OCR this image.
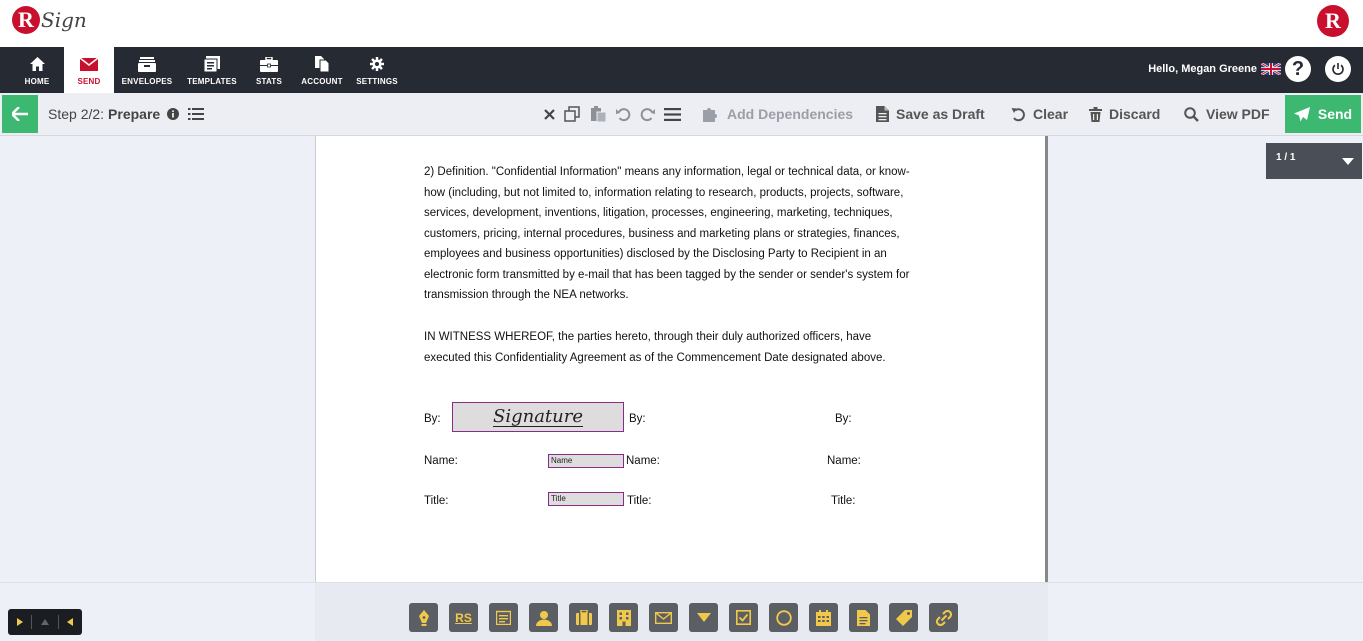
R Sign	R
HOME	SEND	ENVELOPES TEMPLATES STATS ACCOUNT SETTINGS
Hello, Megan Greene	?
Step 2/2: Prepare	Add Dependencies	Save as Draft	Clear	Discard	View PDF	Send
2) Definition. "Confidential Information" means any information, legal or technical data, or know-
how (including, but not limited to, information relating to research, products, projects, software,
services, development, inventions, litigation, processes, engineering, marketing, techniques,
customers, pricing, internal procedures, business and marketing plans or strategies, finances,
employees and business opportunities) disclosed by the Disclosing Party to Recipient in an
electronic form transmitted by e-mail that has been tagged by the sender or sender's system for
transmission through the NEA networks.
IN WITNESS WHEREOF, the parties hereto, through their duly authorized officers, have
executed this Confidentiality Agreement as of the Commencement Date designated above.
By:	Signature	By:	By:
Name:	Name	Name:	Name:
Title:	Title	Title:	Title:
1 / 1
RS
